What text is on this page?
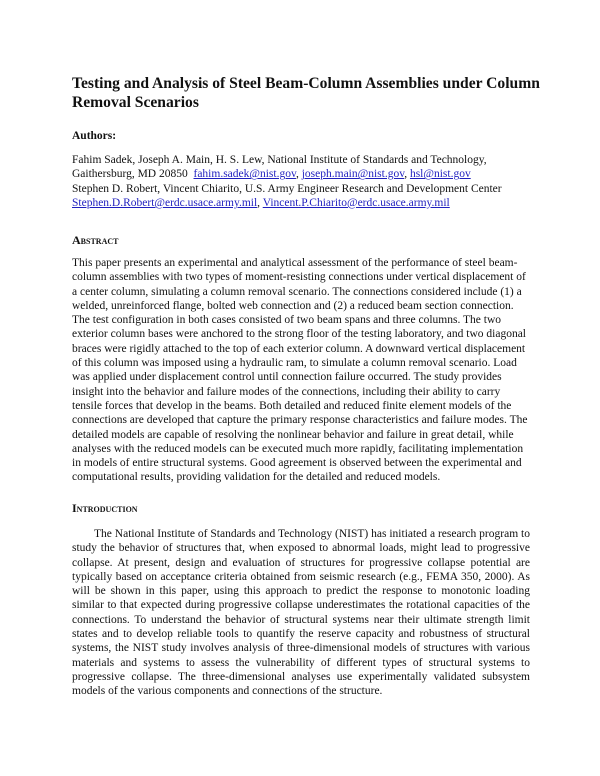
Testing and Analysis of Steel Beam-Column Assemblies under Column Removal Scenarios
Authors:
Fahim Sadek, Joseph A. Main, H. S. Lew, National Institute of Standards and Technology,
Gaithersburg, MD 20850 fahim.sadek@nist.gov, joseph.main@nist.gov, hsl@nist.gov
Stephen D. Robert, Vincent Chiarito, U.S. Army Engineer Research and Development Center
Stephen.D.Robert@erdc.usace.army.mil, Vincent.P.Chiarito@erdc.usace.army.mil
Abstract

This paper presents an experimental and analytical assessment of the performance of steel beam-column assemblies with two types of moment-resisting connections under vertical displacement of a center column, simulating a column removal scenario. The connections considered include (1) a welded, unreinforced flange, bolted web connection and (2) a reduced beam section connection. The test configuration in both cases consisted of two beam spans and three columns. The two exterior column bases were anchored to the strong floor of the testing laboratory, and two diagonal braces were rigidly attached to the top of each exterior column. A downward vertical displacement of this column was imposed using a hydraulic ram, to simulate a column removal scenario. Load was applied under displacement control until connection failure occurred. The study provides insight into the behavior and failure modes of the connections, including their ability to carry tensile forces that develop in the beams. Both detailed and reduced finite element models of the connections are developed that capture the primary response characteristics and failure modes. The detailed models are capable of resolving the nonlinear behavior and failure in great detail, while analyses with the reduced models can be executed much more rapidly, facilitating implementation in models of entire structural systems. Good agreement is observed between the experimental and computational results, providing validation for the detailed and reduced models.

Introduction

The National Institute of Standards and Technology (NIST) has initiated a research program to study the behavior of structures that, when exposed to abnormal loads, might lead to progressive collapse. At present, design and evaluation of structures for progressive collapse potential are typically based on acceptance criteria obtained from seismic research (e.g., FEMA 350, 2000). As will be shown in this paper, using this approach to predict the response to monotonic loading similar to that expected during progressive collapse underestimates the rotational capacities of the connections. To understand the behavior of structural systems near their ultimate strength limit states and to develop reliable tools to quantify the reserve capacity and robustness of structural systems, the NIST study involves analysis of three-dimensional models of structures with various materials and systems to assess the vulnerability of different types of structural systems to progressive collapse. The three-dimensional analyses use experimentally validated subsystem models of the various components and connections of the structure.
